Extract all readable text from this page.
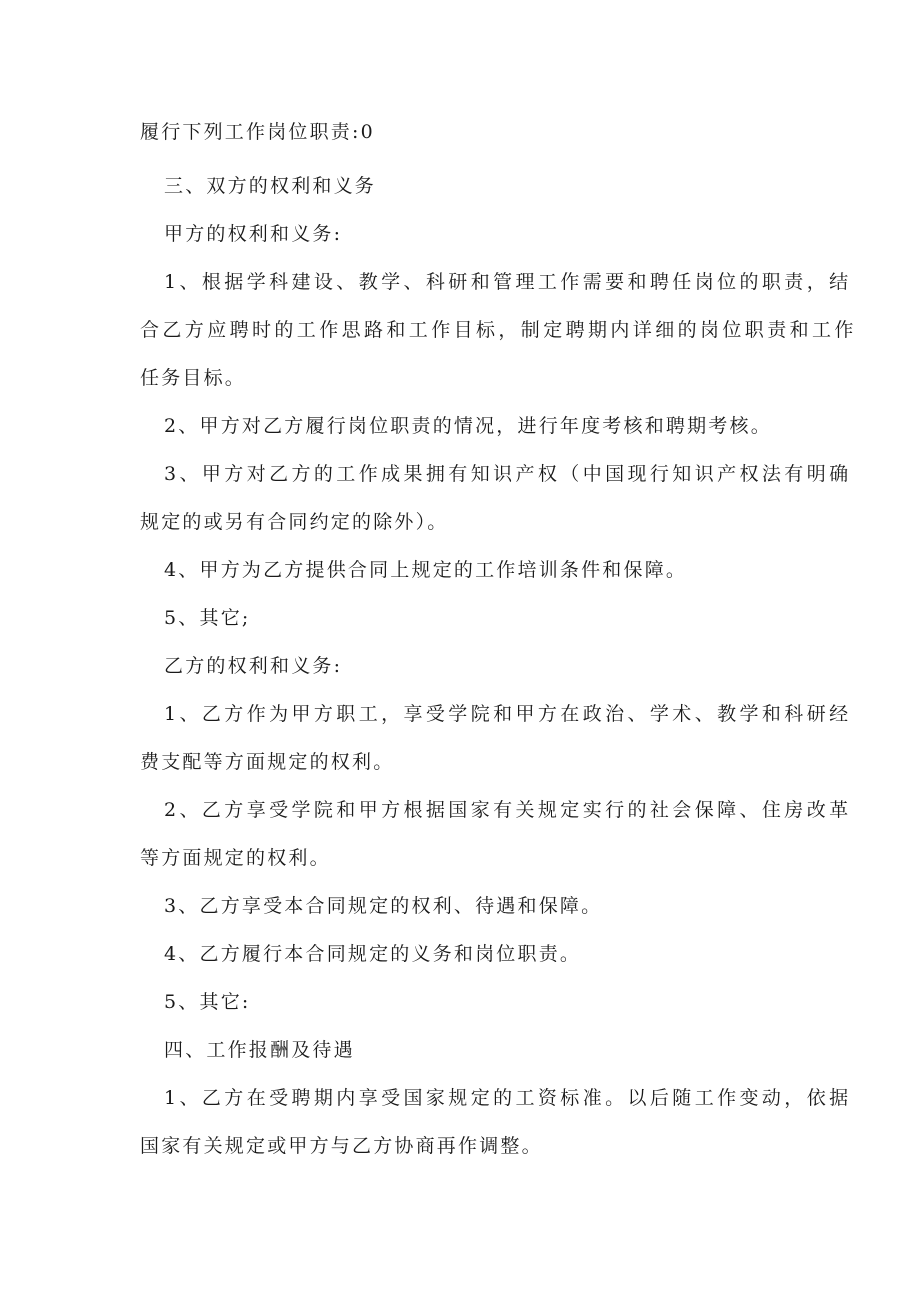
履行下列工作岗位职责:0
三、双方的权利和义务
甲方的权利和义务:
1、根据学科建设、教学、科研和管理工作需要和聘任岗位的职责，结
合乙方应聘时的工作思路和工作目标，制定聘期内详细的岗位职责和工作
任务目标。
2、甲方对乙方履行岗位职责的情况，进行年度考核和聘期考核。
3、甲方对乙方的工作成果拥有知识产权（中国现行知识产权法有明确
规定的或另有合同约定的除外）。
4、甲方为乙方提供合同上规定的工作培训条件和保障。
5、其它;
乙方的权利和义务:
1、乙方作为甲方职工，享受学院和甲方在政治、学术、教学和科研经
费支配等方面规定的权利。
2、乙方享受学院和甲方根据国家有关规定实行的社会保障、住房改革
等方面规定的权利。
3、乙方享受本合同规定的权利、待遇和保障。
4、乙方履行本合同规定的义务和岗位职责。
5、其它:
四、工作报酬及待遇
1、乙方在受聘期内享受国家规定的工资标准。以后随工作变动，依据
国家有关规定或甲方与乙方协商再作调整。
